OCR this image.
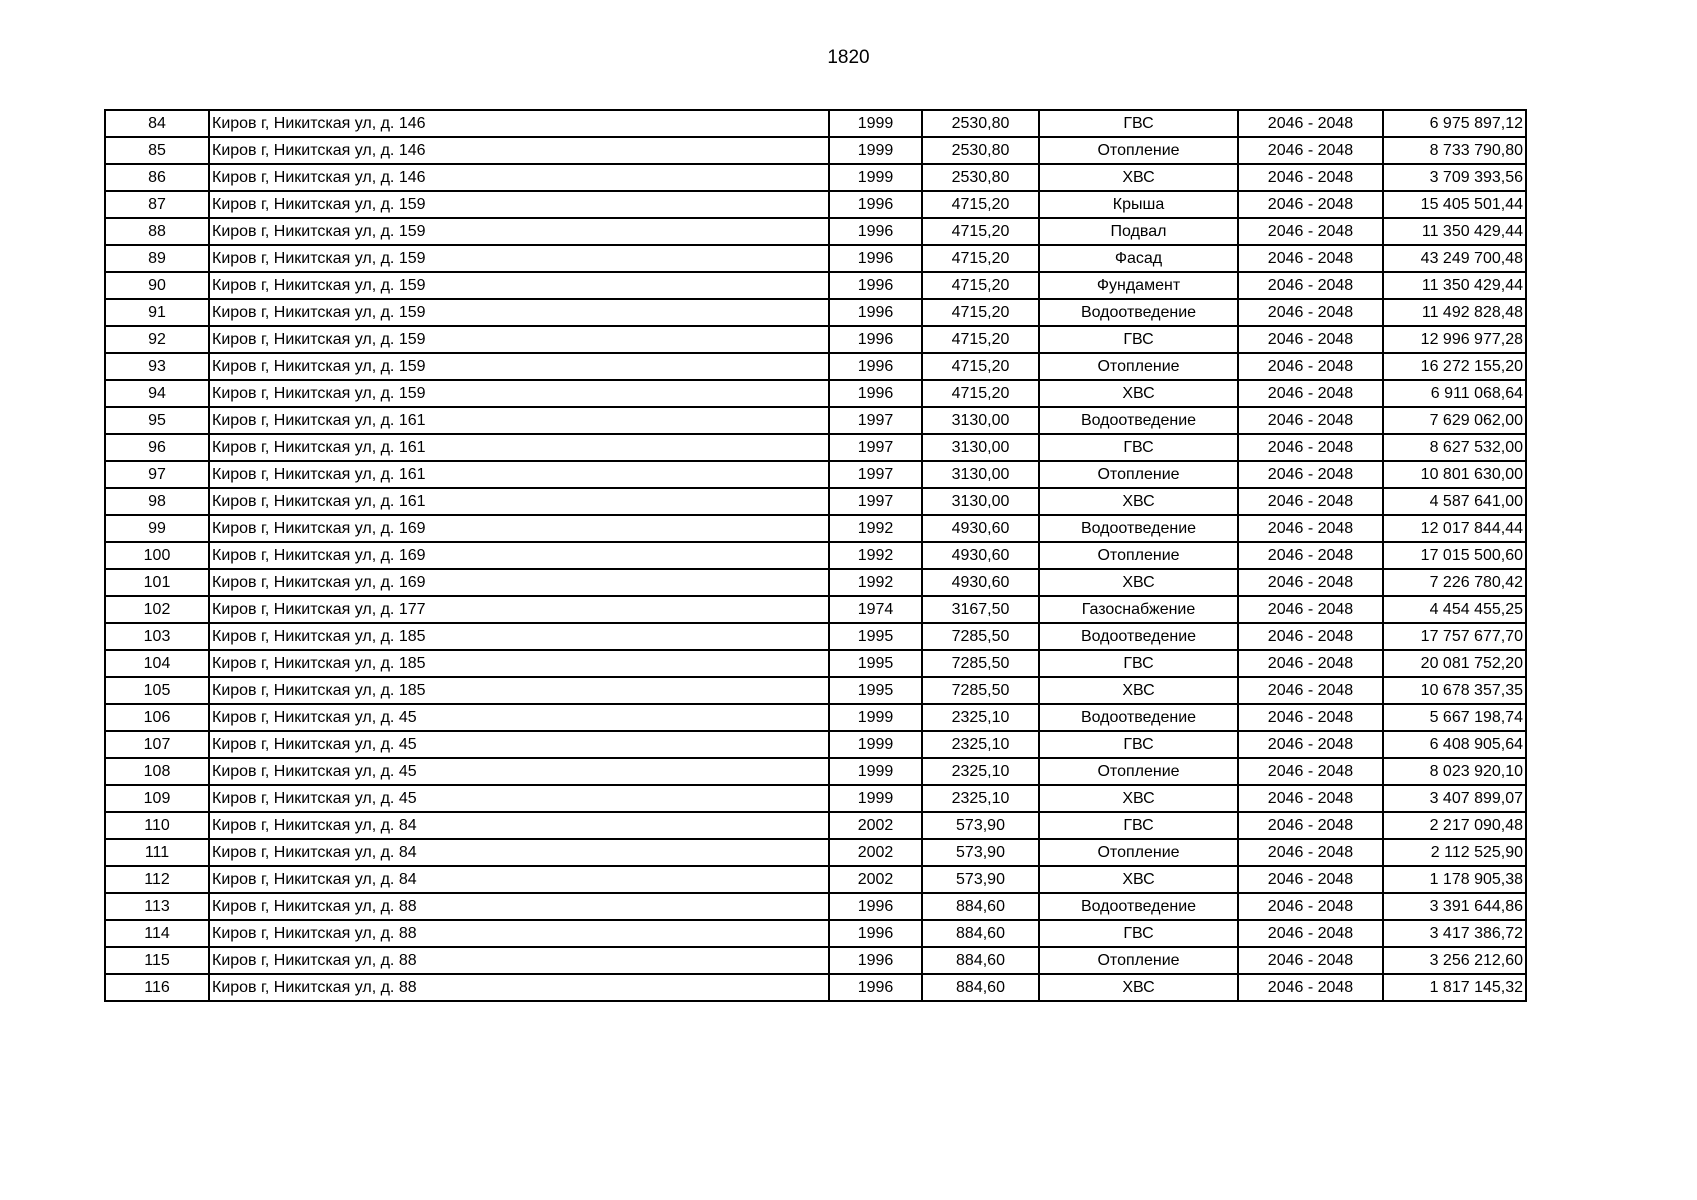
1820
84	Киров г, Никитская ул, д. 146	1999	2530,80	ГВС	2046 - 2048	6 975 897,12
85	Киров г, Никитская ул, д. 146	1999	2530,80	Отопление	2046 - 2048	8 733 790,80
86	Киров г, Никитская ул, д. 146	1999	2530,80	ХВС	2046 - 2048	3 709 393,56
87	Киров г, Никитская ул, д. 159	1996	4715,20	Крыша	2046 - 2048	15 405 501,44
88	Киров г, Никитская ул, д. 159	1996	4715,20	Подвал	2046 - 2048	11 350 429,44
89	Киров г, Никитская ул, д. 159	1996	4715,20	Фасад	2046 - 2048	43 249 700,48
90	Киров г, Никитская ул, д. 159	1996	4715,20	Фундамент	2046 - 2048	11 350 429,44
91	Киров г, Никитская ул, д. 159	1996	4715,20	Водоотведение	2046 - 2048	11 492 828,48
92	Киров г, Никитская ул, д. 159	1996	4715,20	ГВС	2046 - 2048	12 996 977,28
93	Киров г, Никитская ул, д. 159	1996	4715,20	Отопление	2046 - 2048	16 272 155,20
94	Киров г, Никитская ул, д. 159	1996	4715,20	ХВС	2046 - 2048	6 911 068,64
95	Киров г, Никитская ул, д. 161	1997	3130,00	Водоотведение	2046 - 2048	7 629 062,00
96	Киров г, Никитская ул, д. 161	1997	3130,00	ГВС	2046 - 2048	8 627 532,00
97	Киров г, Никитская ул, д. 161	1997	3130,00	Отопление	2046 - 2048	10 801 630,00
98	Киров г, Никитская ул, д. 161	1997	3130,00	ХВС	2046 - 2048	4 587 641,00
99	Киров г, Никитская ул, д. 169	1992	4930,60	Водоотведение	2046 - 2048	12 017 844,44
100	Киров г, Никитская ул, д. 169	1992	4930,60	Отопление	2046 - 2048	17 015 500,60
101	Киров г, Никитская ул, д. 169	1992	4930,60	ХВС	2046 - 2048	7 226 780,42
102	Киров г, Никитская ул, д. 177	1974	3167,50	Газоснабжение	2046 - 2048	4 454 455,25
103	Киров г, Никитская ул, д. 185	1995	7285,50	Водоотведение	2046 - 2048	17 757 677,70
104	Киров г, Никитская ул, д. 185	1995	7285,50	ГВС	2046 - 2048	20 081 752,20
105	Киров г, Никитская ул, д. 185	1995	7285,50	ХВС	2046 - 2048	10 678 357,35
106	Киров г, Никитская ул, д. 45	1999	2325,10	Водоотведение	2046 - 2048	5 667 198,74
107	Киров г, Никитская ул, д. 45	1999	2325,10	ГВС	2046 - 2048	6 408 905,64
108	Киров г, Никитская ул, д. 45	1999	2325,10	Отопление	2046 - 2048	8 023 920,10
109	Киров г, Никитская ул, д. 45	1999	2325,10	ХВС	2046 - 2048	3 407 899,07
110	Киров г, Никитская ул, д. 84	2002	573,90	ГВС	2046 - 2048	2 217 090,48
111	Киров г, Никитская ул, д. 84	2002	573,90	Отопление	2046 - 2048	2 112 525,90
112	Киров г, Никитская ул, д. 84	2002	573,90	ХВС	2046 - 2048	1 178 905,38
113	Киров г, Никитская ул, д. 88	1996	884,60	Водоотведение	2046 - 2048	3 391 644,86
114	Киров г, Никитская ул, д. 88	1996	884,60	ГВС	2046 - 2048	3 417 386,72
115	Киров г, Никитская ул, д. 88	1996	884,60	Отопление	2046 - 2048	3 256 212,60
116	Киров г, Никитская ул, д. 88	1996	884,60	ХВС	2046 - 2048	1 817 145,32
